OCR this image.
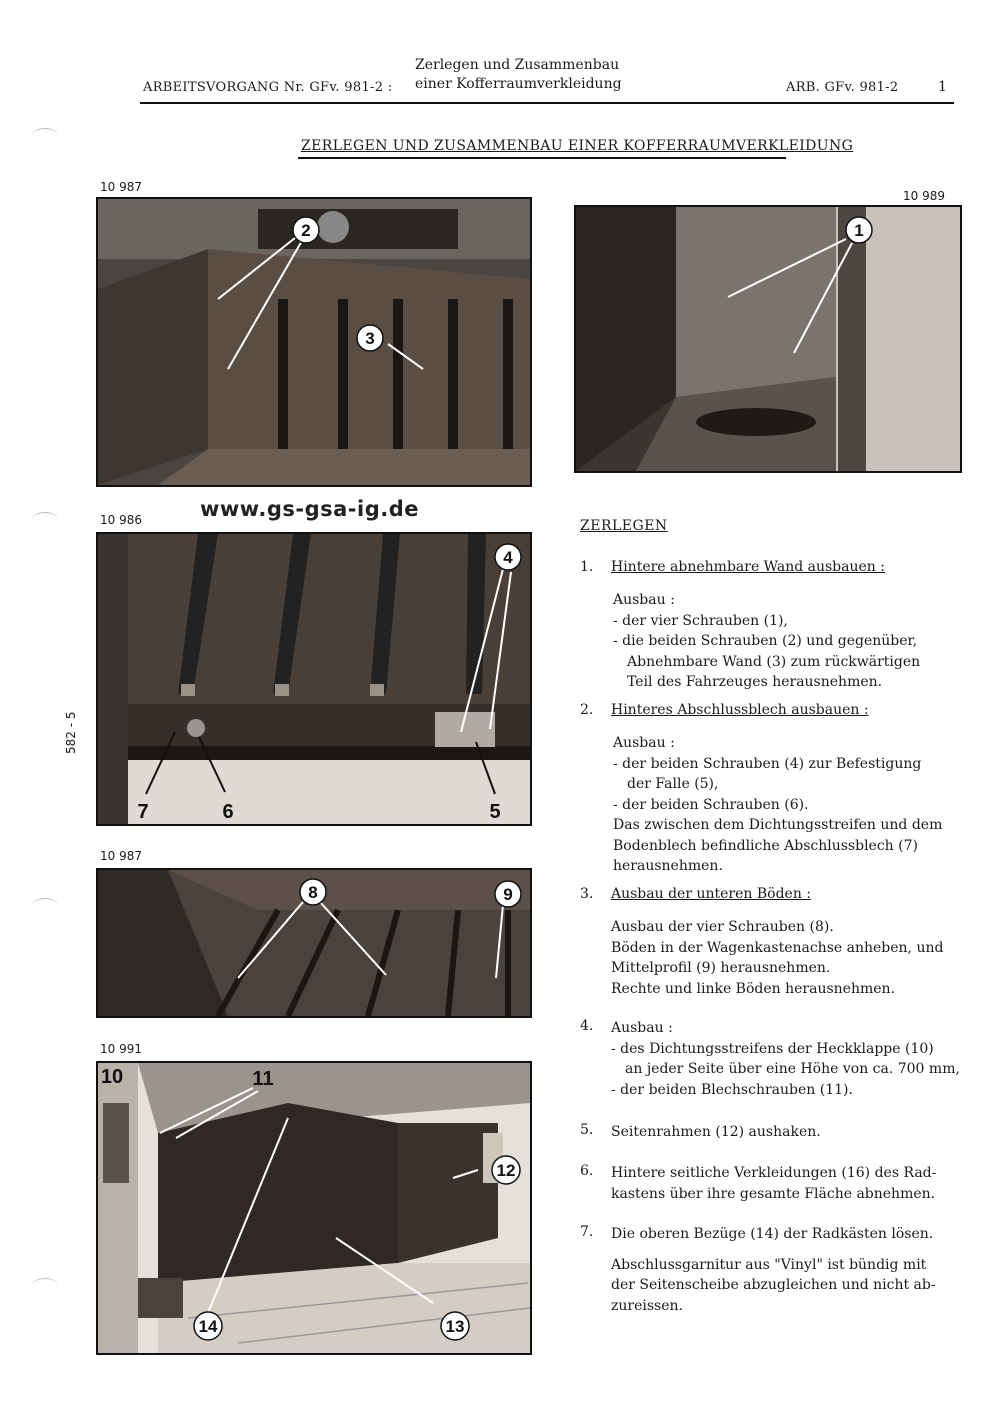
ARBEITSVORGANG Nr. GFv. 981-2 :
Zerlegen und Zusammenbau
einer Kofferraumverkleidung	ARB. GFv. 981-2	1
ZERLEGEN UND ZUSAMMENBAU EINER KOFFERRAUMVERKLEIDUNG
10 987
2
3
10 989
1
www.gs-gsa-ig.de
10 986
4
7	6	5
582 - 5
10 987
8	9
10 991
10	11
12
14	13
ZERLEGEN
1. Hintere abnehmbare Wand ausbauen :
Ausbau :
- der vier Schrauben (1),
- die beiden Schrauben (2) und gegenüber,
Abnehmbare Wand (3) zum rückwärtigen
Teil des Fahrzeuges herausnehmen.
2. Hinteres Abschlussblech ausbauen :
Ausbau :
- der beiden Schrauben (4) zur Befestigung
der Falle (5),
- der beiden Schrauben (6).
Das zwischen dem Dichtungsstreifen und dem
Bodenblech befindliche Abschlussblech (7)
herausnehmen.
3. Ausbau der unteren Böden :
Ausbau der vier Schrauben (8).
Böden in der Wagenkastenachse anheben, und
Mittelprofil (9) herausnehmen.
Rechte und linke Böden herausnehmen.
4. Ausbau :
- des Dichtungsstreifens der Heckklappe (10)
an jeder Seite über eine Höhe von ca. 700 mm,
- der beiden Blechschrauben (11).
5. Seitenrahmen (12) aushaken.
6. Hintere seitliche Verkleidungen (16) des Rad-
kastens über ihre gesamte Fläche abnehmen.
7. Die oberen Bezüge (14) der Radkästen lösen.
Abschlussgarnitur aus "Vinyl" ist bündig mit
der Seitenscheibe abzugleichen und nicht ab-
zureissen.
